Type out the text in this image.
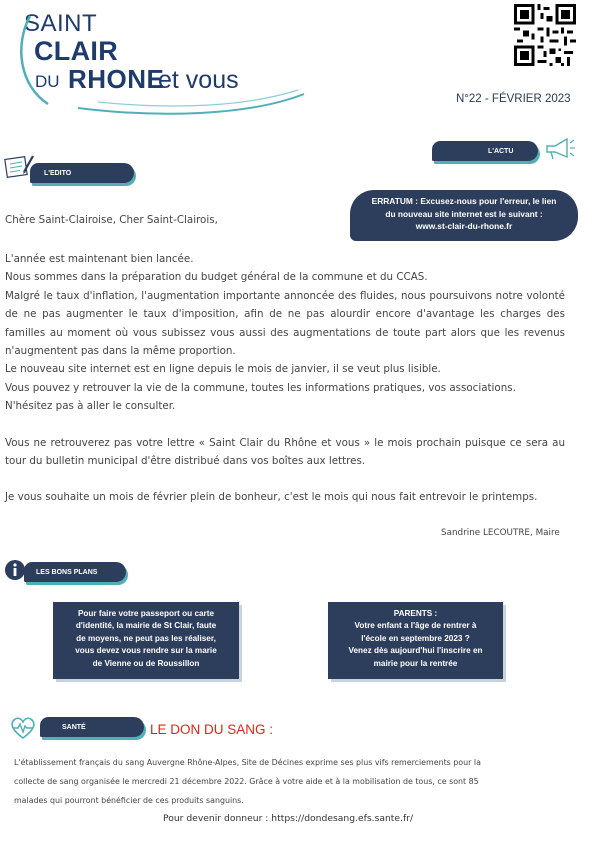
SAINT
CLAIR
DU RHONE
et vous
N°22 - FÉVRIER 2023
L'EDITO
L'ACTU
ERRATUM : Excusez-nous pour l'erreur, le lien
du nouveau site internet est le suivant :
www.st-clair-du-rhone.fr
Chère Saint-Clairoise, Cher Saint-Clairois,
L'année est maintenant bien lancée.
Nous sommes dans la préparation du budget général de la commune et du CCAS.
Malgré le taux d'inflation, l'augmentation importante annoncée des fluides, nous poursuivons notre volonté de ne pas augmenter le taux d'imposition, afin de ne pas alourdir encore d'avantage les charges des familles au moment où vous subissez vous aussi des augmentations de toute part alors que les revenus n'augmentent pas dans la même proportion.
Le nouveau site internet est en ligne depuis le mois de janvier, il se veut plus lisible.
Vous pouvez y retrouver la vie de la commune, toutes les informations pratiques, vos associations.
N'hésitez pas à aller le consulter.
Vous ne retrouverez pas votre lettre « Saint Clair du Rhône et vous » le mois prochain puisque ce sera au tour du bulletin municipal d'être distribué dans vos boîtes aux lettres.
Je vous souhaite un mois de février plein de bonheur, c'est le mois qui nous fait entrevoir le printemps.
Sandrine LECOUTRE, Maire
LES BONS PLANS
Pour faire votre passeport ou carte
d'identité, la mairie de St Clair, faute
de moyens, ne peut pas les réaliser,
vous devez vous rendre sur la marie
de Vienne ou de Roussillon
PARENTS :
Votre enfant a l'âge de rentrer à
l'école en septembre 2023 ?
Venez dès aujourd'hui l'inscrire en
mairie pour la rentrée
SANTÉ	LE DON DU SANG :
L'établissement français du sang Auvergne Rhône-Alpes, Site de Décines exprime ses plus vifs remerciements pour la
collecte de sang organisée le mercredi 21 décembre 2022. Grâce à votre aide et à la mobilisation de tous, ce sont 85
malades qui pourront bénéficier de ces produits sanguins.
Pour devenir donneur : https://dondesang.efs.sante.fr/
